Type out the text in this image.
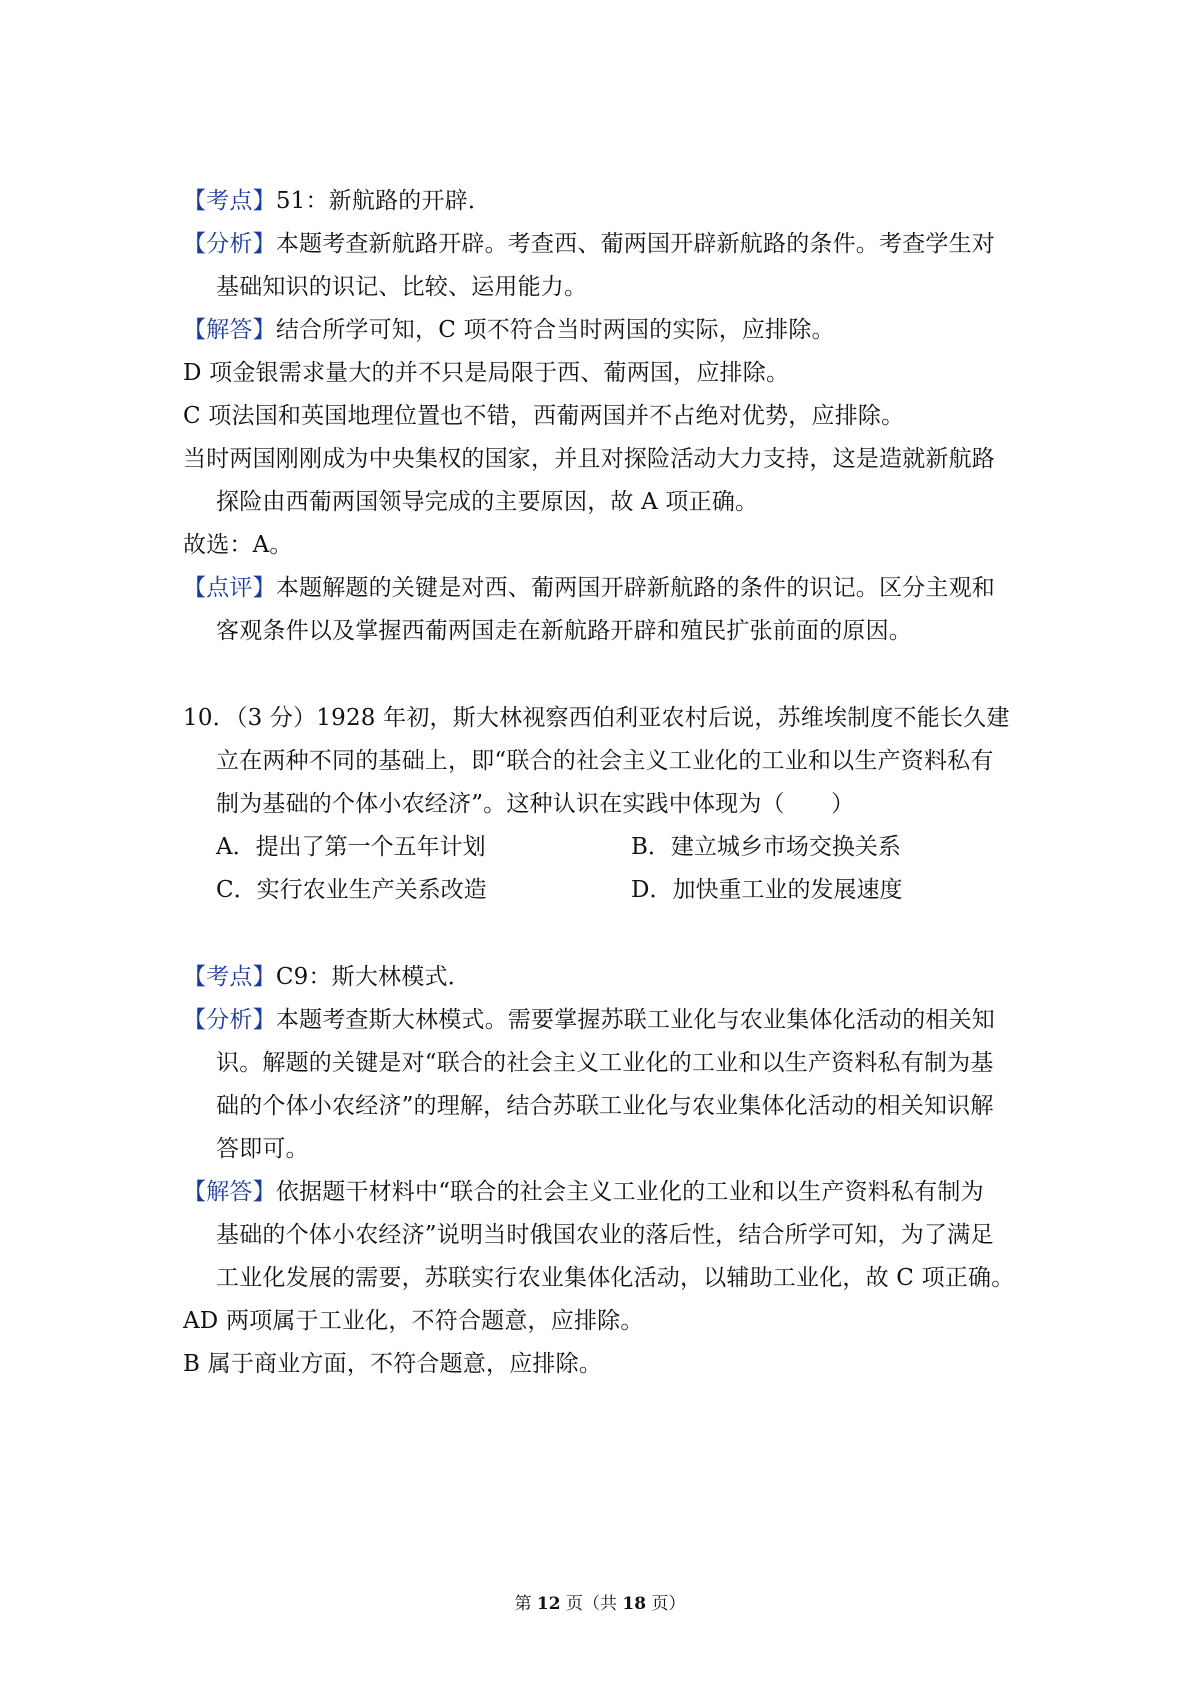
【考点】51：新航路的开辟．
【分析】本题考查新航路开辟。考查西、葡两国开辟新航路的条件。考查学生对
基础知识的识记、比较、运用能力。
【解答】结合所学可知，C 项不符合当时两国的实际，应排除。
D 项金银需求量大的并不只是局限于西、葡两国，应排除。
C 项法国和英国地理位置也不错，西葡两国并不占绝对优势，应排除。
当时两国刚刚成为中央集权的国家，并且对探险活动大力支持，这是造就新航路
探险由西葡两国领导完成的主要原因，故 A 项正确。
故选：A。
【点评】本题解题的关键是对西、葡两国开辟新航路的条件的识记。区分主观和
客观条件以及掌握西葡两国走在新航路开辟和殖民扩张前面的原因。
10．（3 分）1928 年初，斯大林视察西伯利亚农村后说，苏维埃制度不能长久建
立在两种不同的基础上，即“联合的社会主义工业化的工业和以生产资料私有
制为基础的个体小农经济”。这种认识在实践中体现为（　　）
A．提出了第一个五年计划	B．建立城乡市场交换关系
C．实行农业生产关系改造	D．加快重工业的发展速度
【考点】C9：斯大林模式．
【分析】本题考查斯大林模式。需要掌握苏联工业化与农业集体化活动的相关知
识。解题的关键是对“联合的社会主义工业化的工业和以生产资料私有制为基
础的个体小农经济”的理解，结合苏联工业化与农业集体化活动的相关知识解
答即可。
【解答】依据题干材料中“联合的社会主义工业化的工业和以生产资料私有制为
基础的个体小农经济”说明当时俄国农业的落后性，结合所学可知，为了满足
工业化发展的需要，苏联实行农业集体化活动，以辅助工业化，故 C 项正确。
AD 两项属于工业化，不符合题意，应排除。
B 属于商业方面，不符合题意，应排除。
第 12 页（共 18 页）
